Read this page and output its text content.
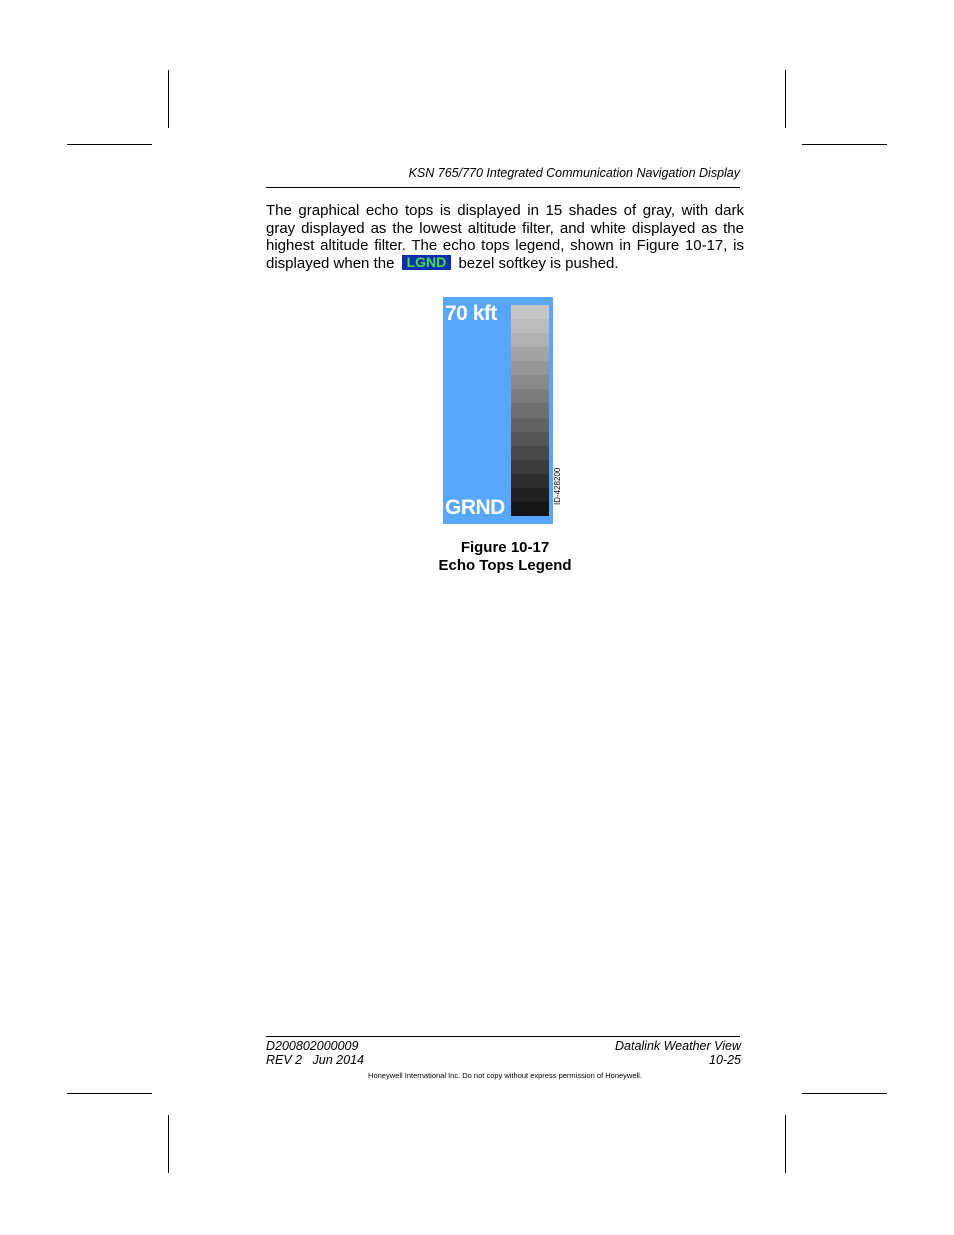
KSN 765/770 Integrated Communication Navigation Display

The graphical echo tops is displayed in 15 shades of gray, with dark gray displayed as the lowest altitude filter, and white displayed as the highest altitude filter. The echo tops legend, shown in Figure 10-17, is displayed when the LGND bezel softkey is pushed.

70 kft
GRND
ID-428200
Figure 10-17
Echo Tops Legend
D200802000009
REV 2   Jun 2014
Datalink Weather View
10-25
Honeywell International Inc. Do not copy without express permission of Honeywell.
